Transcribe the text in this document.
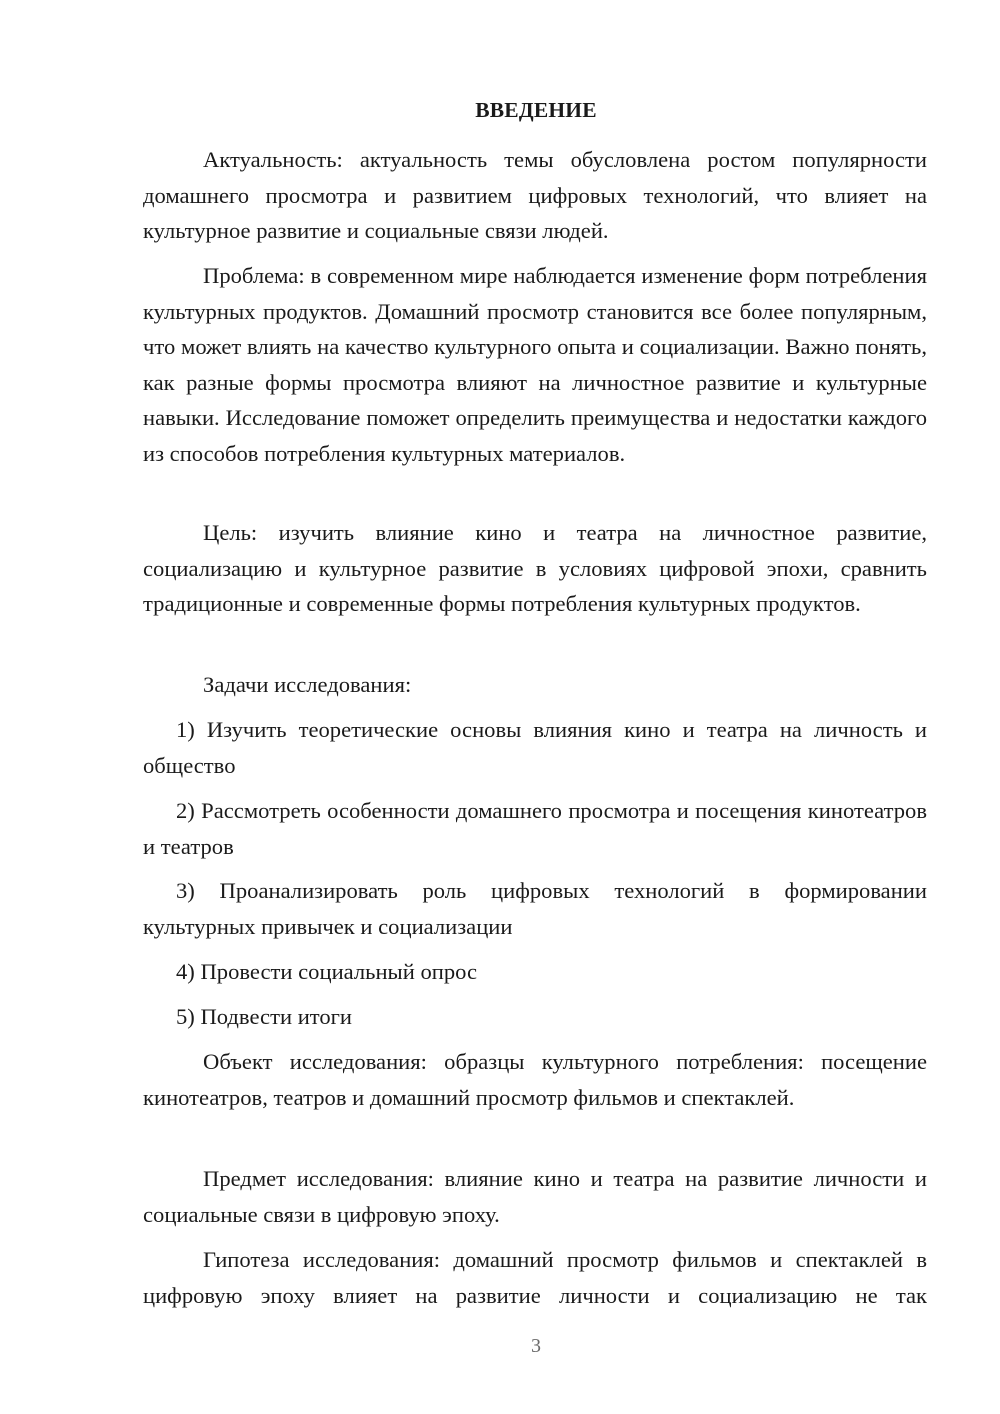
ВВЕДЕНИЕ

Актуальность: актуальность темы обусловлена ростом популярности домашнего просмотра и развитием цифровых технологий, что влияет на культурное развитие и социальные связи людей.

Проблема: в современном мире наблюдается изменение форм потребления культурных продуктов. Домашний просмотр становится все более популярным, что может влиять на качество культурного опыта и социализации. Важно понять, как разные формы просмотра влияют на личностное развитие и культурные навыки. Исследование поможет определить преимущества и недостатки каждого из способов потребления культурных материалов.

Цель: изучить влияние кино и театра на личностное развитие, социализацию и культурное развитие в условиях цифровой эпохи, сравнить традиционные и современные формы потребления культурных продуктов.

Задачи исследования:

1) Изучить теоретические основы влияния кино и театра на личность и общество

2) Рассмотреть особенности домашнего просмотра и посещения кинотеатров и театров

3) Проанализировать роль цифровых технологий в формировании культурных привычек и социализации

4) Провести социальный опрос

5) Подвести итоги

Объект исследования: образцы культурного потребления: посещение кинотеатров, театров и домашний просмотр фильмов и спектаклей.

Предмет исследования: влияние кино и театра на развитие личности и социальные связи в цифровую эпоху.

Гипотеза исследования: домашний просмотр фильмов и спектаклей в цифровую эпоху влияет на развитие личности и социализацию не так

3
